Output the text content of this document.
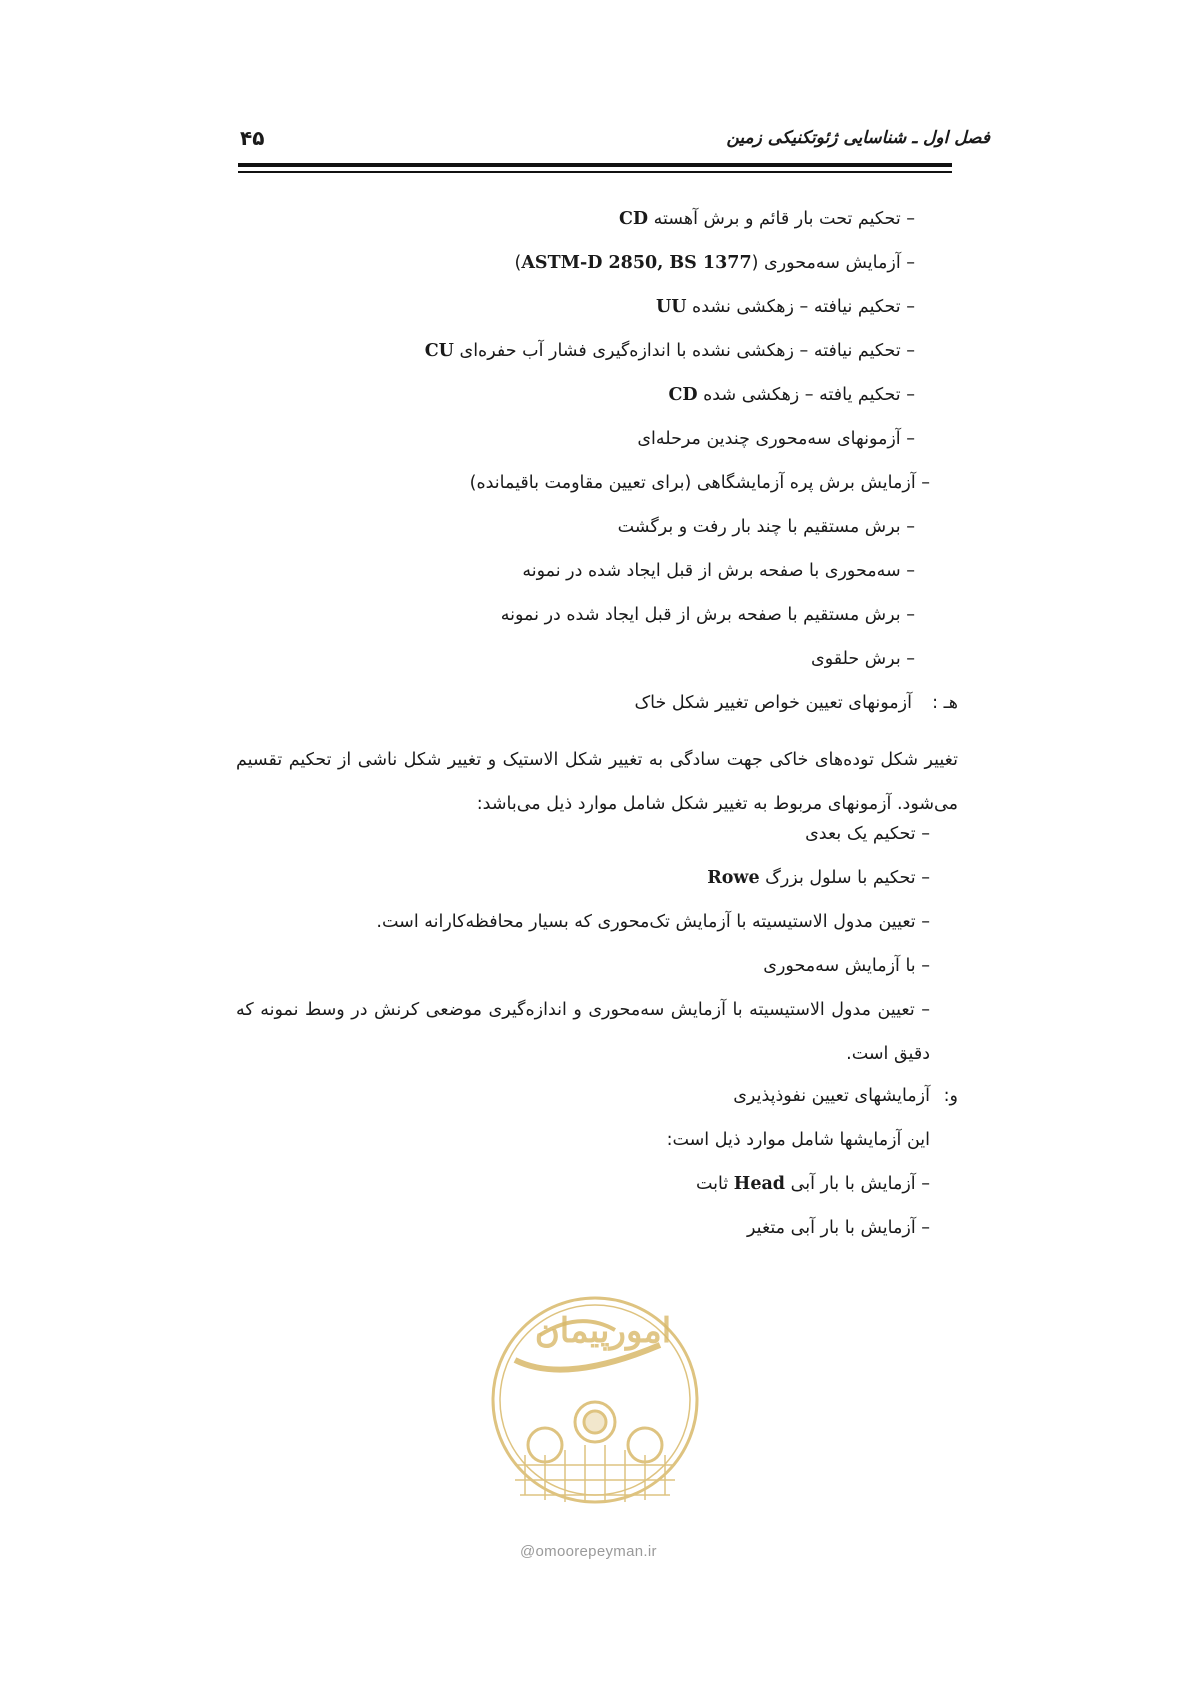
فصل اول ـ شناسایی ژئوتکنیکی زمین
۴۵
– تحکیم تحت بار قائم و برش آهسته CD
– آزمایش سه‌محوری (ASTM-D 2850, BS 1377)
– تحکیم نیافته – زهکشی نشده UU
– تحکیم نیافته – زهکشی نشده با اندازه‌گیری فشار آب حفره‌ای CU
– تحکیم یافته – زهکشی شده CD
– آزمونهای سه‌محوری چندین مرحله‌ای
– آزمایش برش پره آزمایشگاهی (برای تعیین مقاومت باقیمانده)
– برش مستقیم با چند بار رفت و برگشت
– سه‌محوری با صفحه برش از قبل ایجاد شده در نمونه
– برش مستقیم با صفحه برش از قبل ایجاد شده در نمونه
– برش حلقوی
هـ :
آزمونهای تعیین خواص تغییر شکل خاک
تغییر شکل توده‌های خاکی جهت سادگی به تغییر شکل الاستیک و تغییر شکل ناشی از تحکیم تقسیم می‌شود. آزمونهای مربوط به تغییر شکل شامل موارد ذیل می‌باشد:
– تحکیم یک بعدی
– تحکیم با سلول بزرگ Rowe
– تعیین مدول الاستیسیته با آزمایش تک‌محوری که بسیار محافظه‌کارانه است.
– با آزمایش سه‌محوری
– تعیین مدول الاستیسیته با آزمایش سه‌محوری و اندازه‌گیری موضعی کرنش در وسط نمونه که دقیق است.
و:
آزمایشهای تعیین نفوذپذیری
این آزمایشها شامل موارد ذیل است:
– آزمایش با بار آبی Head ثابت
– آزمایش با بار آبی متغیر
امورپیمان
@omoorepeyman.ir
